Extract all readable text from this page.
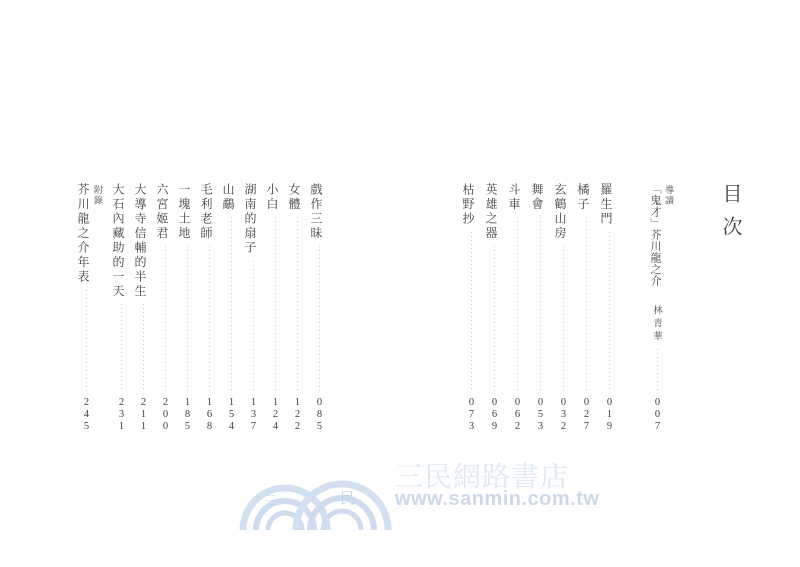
目次
導讀
「鬼才」芥川龍之介
林青華
007
羅生門
019
橘子
027
玄鶴山房
032
舞會
053
斗車
062
英雄之器
069
枯野抄
073
戲作三昧
085
女體
122
小白
124
湖南的扇子
137
山鷸
154
毛利老師
168
一塊土地
185
六宮姬君
200
大導寺信輔的半生
211
大石內藏助的一天
231
附錄
芥川龍之介年表
245
三	民
三民網路書店
www.sanmin.com.tw
